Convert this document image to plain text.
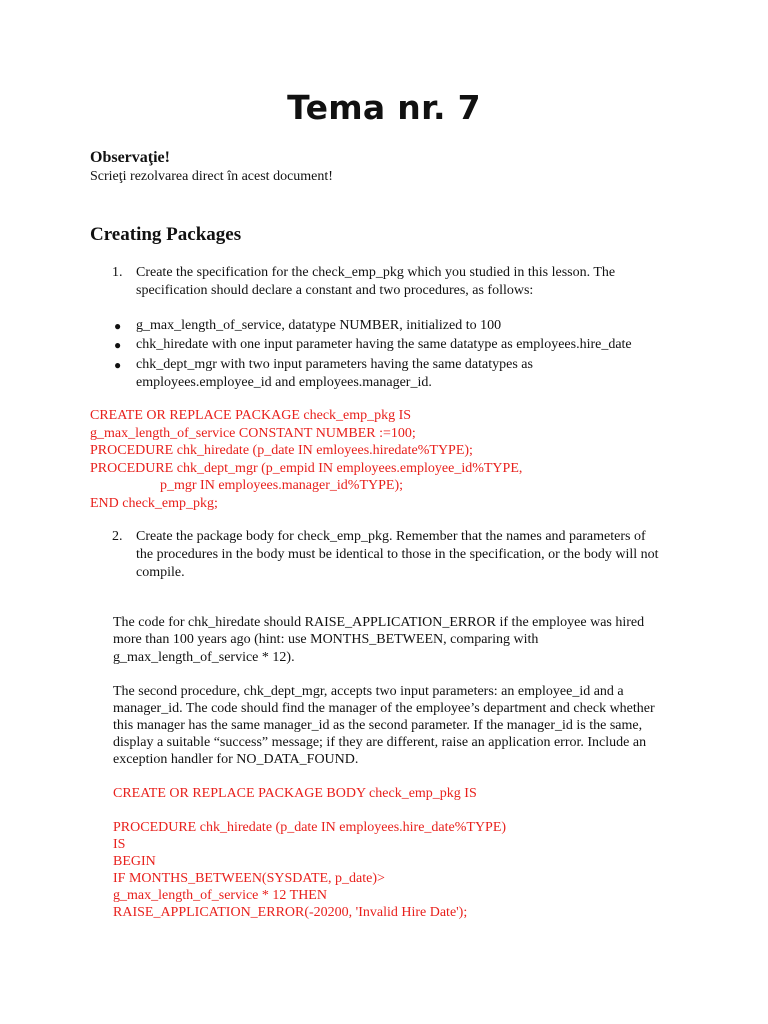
Tema nr. 7
Observaţie!
Scrieţi rezolvarea direct în acest document!
Creating Packages
1. Create the specification for the check_emp_pkg which you studied in this lesson. The
specification should declare a constant and two procedures, as follows:
● g_max_length_of_service, datatype NUMBER, initialized to 100
● chk_hiredate with one input parameter having the same datatype as employees.hire_date
● chk_dept_mgr with two input parameters having the same datatypes as
employees.employee_id and employees.manager_id.
CREATE OR REPLACE PACKAGE check_emp_pkg IS
g_max_length_of_service CONSTANT NUMBER :=100;
PROCEDURE chk_hiredate (p_date IN emloyees.hiredate%TYPE);
PROCEDURE chk_dept_mgr (p_empid IN employees.employee_id%TYPE,
p_mgr IN employees.manager_id%TYPE);
END check_emp_pkg;
2. Create the package body for check_emp_pkg. Remember that the names and parameters of
the procedures in the body must be identical to those in the specification, or the body will not
compile.
The code for chk_hiredate should RAISE_APPLICATION_ERROR if the employee was hired
more than 100 years ago (hint: use MONTHS_BETWEEN, comparing with
g_max_length_of_service * 12).
The second procedure, chk_dept_mgr, accepts two input parameters: an employee_id and a
manager_id. The code should find the manager of the employee’s department and check whether
this manager has the same manager_id as the second parameter. If the manager_id is the same,
display a suitable “success” message; if they are different, raise an application error. Include an
exception handler for NO_DATA_FOUND.
CREATE OR REPLACE PACKAGE BODY check_emp_pkg IS
PROCEDURE chk_hiredate (p_date IN employees.hire_date%TYPE)
IS
BEGIN
IF MONTHS_BETWEEN(SYSDATE, p_date)>
g_max_length_of_service * 12 THEN
RAISE_APPLICATION_ERROR(-20200, 'Invalid Hire Date');
